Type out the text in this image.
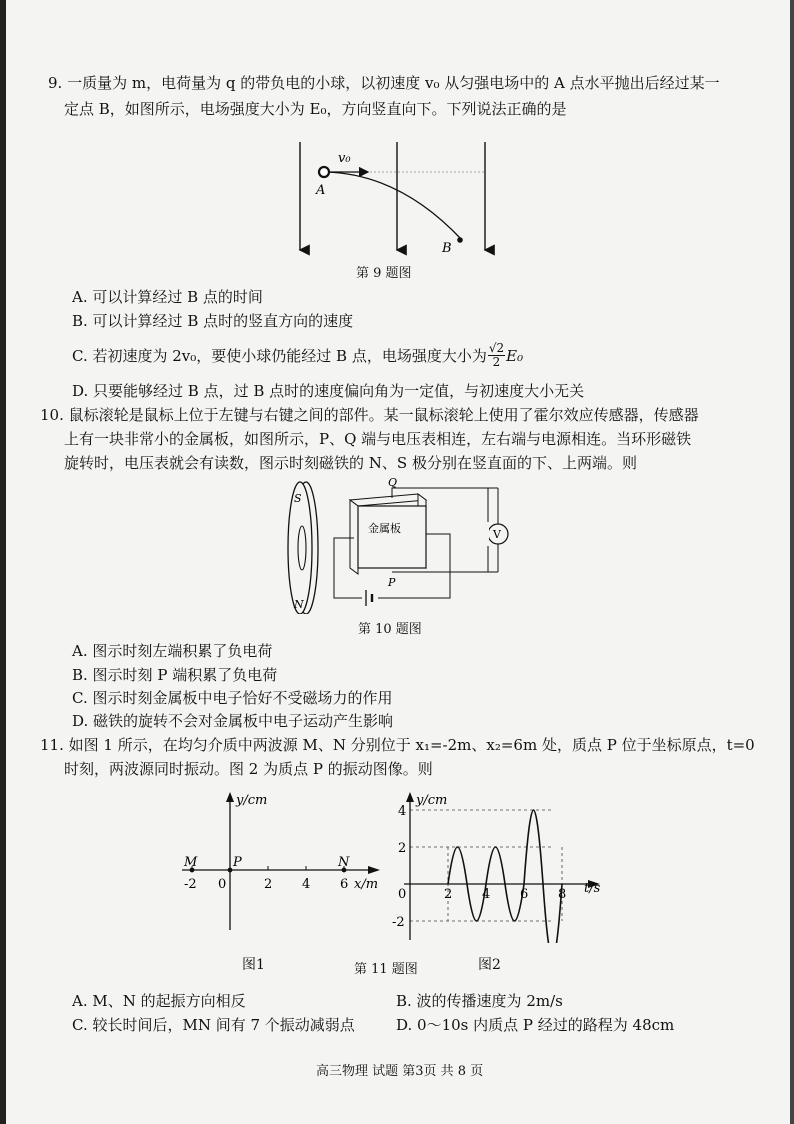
9. 一质量为 m，电荷量为 q 的带负电的小球，以初速度 v₀ 从匀强电场中的 A 点水平抛出后经过某一
定点 B，如图所示，电场强度大小为 E₀，方向竖直向下。下列说法正确的是
v₀
A
B
第 9 题图
A. 可以计算经过 B 点的时间
B. 可以计算经过 B 点时的竖直方向的速度
C. 若初速度为 2v₀，要使小球仍能经过 B 点，电场强度大小为 $\frac{√2}{2} E_0$
D. 只要能够经过 B 点，过 B 点时的速度偏向角为一定值，与初速度大小无关
10. 鼠标滚轮是鼠标上位于左键与右键之间的部件。某一鼠标滚轮上使用了霍尔效应传感器，传感器
上有一块非常小的金属板，如图所示，P、Q 端与电压表相连，左右端与电源相连。当环形磁铁
旋转时，电压表就会有读数，图示时刻磁铁的 N、S 极分别在竖直面的下、上两端。则
S
N
金属板	V
Q
P
第 10 题图
A. 图示时刻左端积累了负电荷
B. 图示时刻 P 端积累了负电荷
C. 图示时刻金属板中电子恰好不受磁场力的作用
D. 磁铁的旋转不会对金属板中电子运动产生影响
11. 如图 1 所示，在均匀介质中两波源 M、N 分别位于 x₁=-2m、x₂=6m 处，质点 P 位于坐标原点，t=0
时刻，两波源同时振动。图 2 为质点 P 的振动图像。则
y/cm
x/m
M	P	N
-2 0	2 4 6
2 4 6 8
4
2
0
-2
y/cm
t/s
图1	第 11 题图	图2
A. M、N 的起振方向相反	B. 波的传播速度为 2m/s
C. 较长时间后，MN 间有 7 个振动减弱点	D. 0～10s 内质点 P 经过的路程为 48cm
高三物理 试题 第3页 共 8 页
